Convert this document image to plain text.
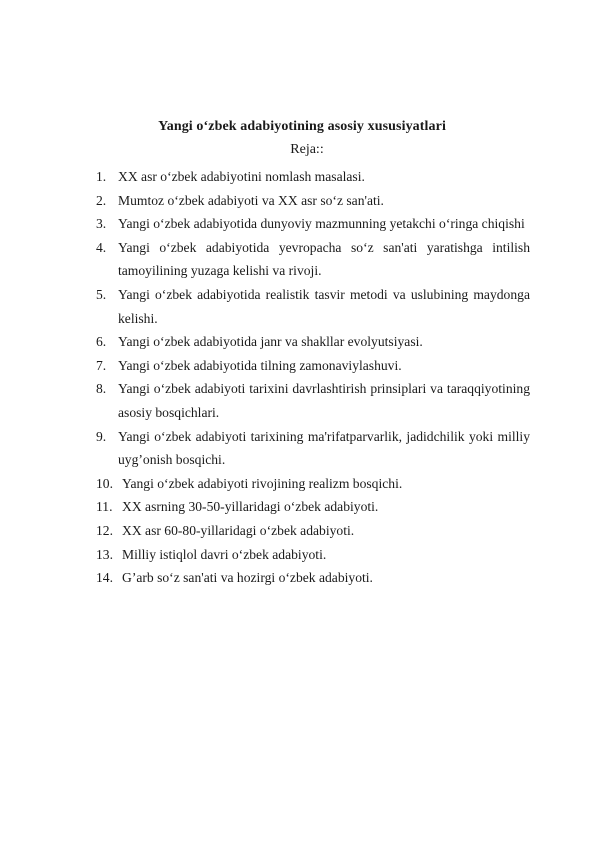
Yangi o‘zbek adabiyotining asosiy xususiyatlari
Reja::
1. XX asr o‘zbek adabiyotini nomlash masalasi.
2. Mumtoz o‘zbek adabiyoti va XX asr so‘z san'ati.
3. Yangi o‘zbek adabiyotida dunyoviy mazmunning yetakchi o‘ringa chiqishi
4. Yangi o‘zbek adabiyotida yevropacha so‘z san'ati yaratishga intilish tamoyilining yuzaga kelishi va rivoji.
5. Yangi o‘zbek adabiyotida realistik tasvir metodi va uslubining maydonga kelishi.
6. Yangi o‘zbek adabiyotida janr va shakllar evolyutsiyasi.
7. Yangi o‘zbek adabiyotida tilning zamonaviylashuvi.
8. Yangi o‘zbek adabiyoti tarixini davrlashtirish prinsiplari va taraqqiyotining asosiy bosqichlari.
9. Yangi o‘zbek adabiyoti tarixining ma'rifatparvarlik, jadidchilik yoki milliy uyg’onish bosqichi.
10. Yangi o‘zbek adabiyoti rivojining realizm bosqichi.
11. XX asrning 30-50-yillaridagi o‘zbek adabiyoti.
12. XX asr 60-80-yillaridagi o‘zbek adabiyoti.
13. Milliy istiqlol davri o‘zbek adabiyoti.
14. G’arb so‘z san'ati va hozirgi o‘zbek adabiyoti.
